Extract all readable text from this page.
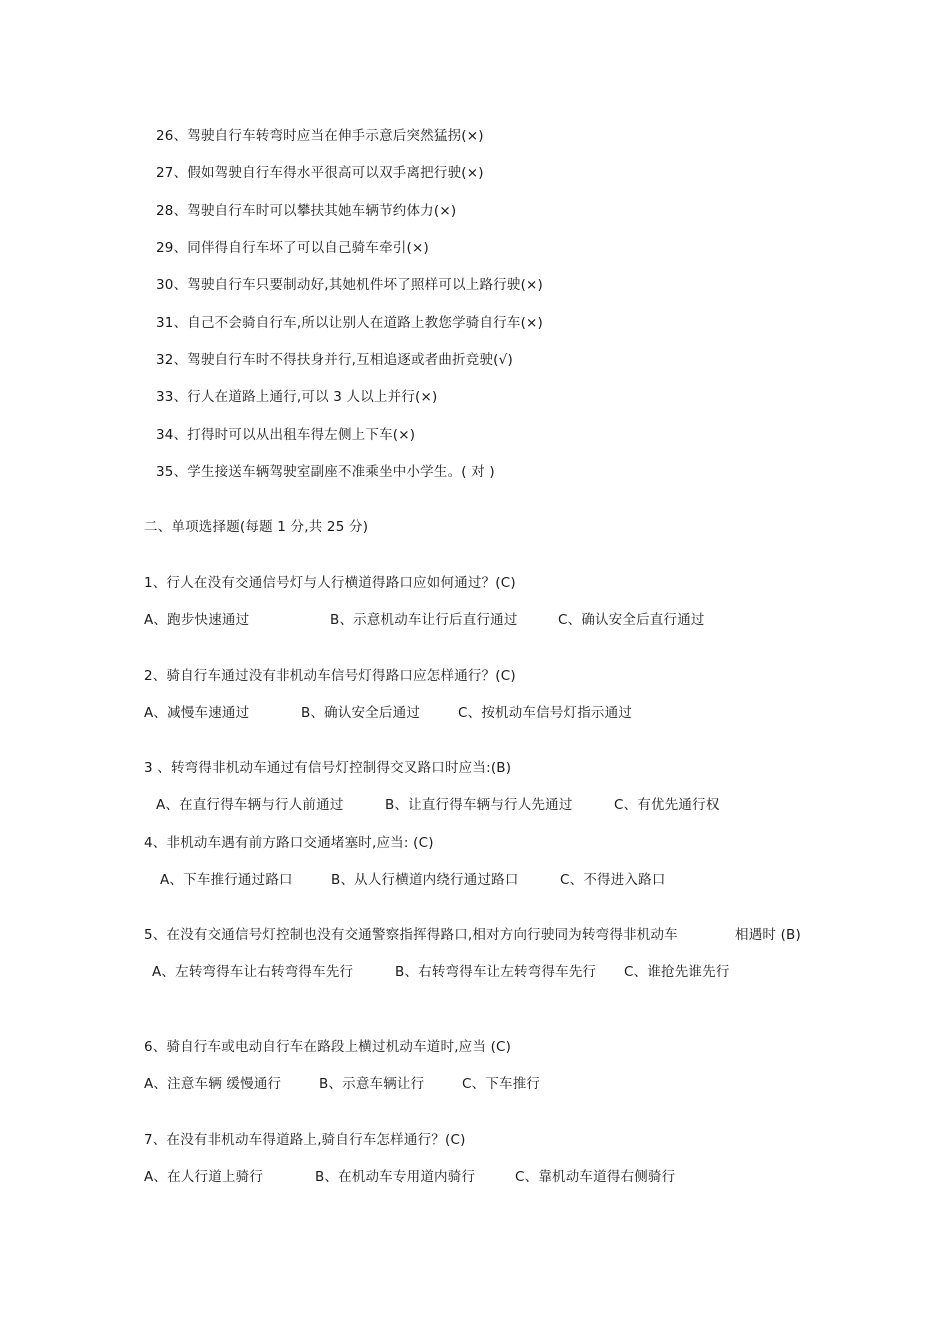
26、驾驶自行车转弯时应当在伸手示意后突然猛拐(×)
27、假如驾驶自行车得水平很高可以双手离把行驶(×)
28、驾驶自行车时可以攀扶其她车辆节约体力(×)
29、同伴得自行车坏了可以自己骑车牵引(×)
30、驾驶自行车只要制动好,其她机件坏了照样可以上路行驶(×)
31、自己不会骑自行车,所以让别人在道路上教您学骑自行车(×)
32、驾驶自行车时不得扶身并行,互相追逐或者曲折竞驶(√)
33、行人在道路上通行,可以 3 人以上并行(×)
34、打得时可以从出租车得左侧上下车(×)
35、学生接送车辆驾驶室副座不准乘坐中小学生。( 对 )
二、单项选择题(每题 1 分,共 25 分)
1、行人在没有交通信号灯与人行横道得路口应如何通过？(C)
A、跑步快速通过	B、示意机动车让行后直行通过	C、确认安全后直行通过
2、骑自行车通过没有非机动车信号灯得路口应怎样通行？(C)
A、减慢车速通过	B、确认安全后通过	C、按机动车信号灯指示通过
3 、转弯得非机动车通过有信号灯控制得交叉路口时应当:(B)
A、在直行得车辆与行人前通过	B、让直行得车辆与行人先通过	C、有优先通行权
4、非机动车遇有前方路口交通堵塞时,应当: (C)
A、下车推行通过路口	B、从人行横道内绕行通过路口	C、不得进入路口
5、在没有交通信号灯控制也没有交通警察指挥得路口,相对方向行驶同为转弯得非机动车	相遇时 (B)
A、左转弯得车让右转弯得车先行	B、右转弯得车让左转弯得车先行 C、谁抢先谁先行
6、骑自行车或电动自行车在路段上横过机动车道时,应当 (C)
A、注意车辆 缓慢通行	B、示意车辆让行	C、下车推行
7、在没有非机动车得道路上,骑自行车怎样通行？(C)
A、在人行道上骑行	B、在机动车专用道内骑行	C、靠机动车道得右侧骑行
